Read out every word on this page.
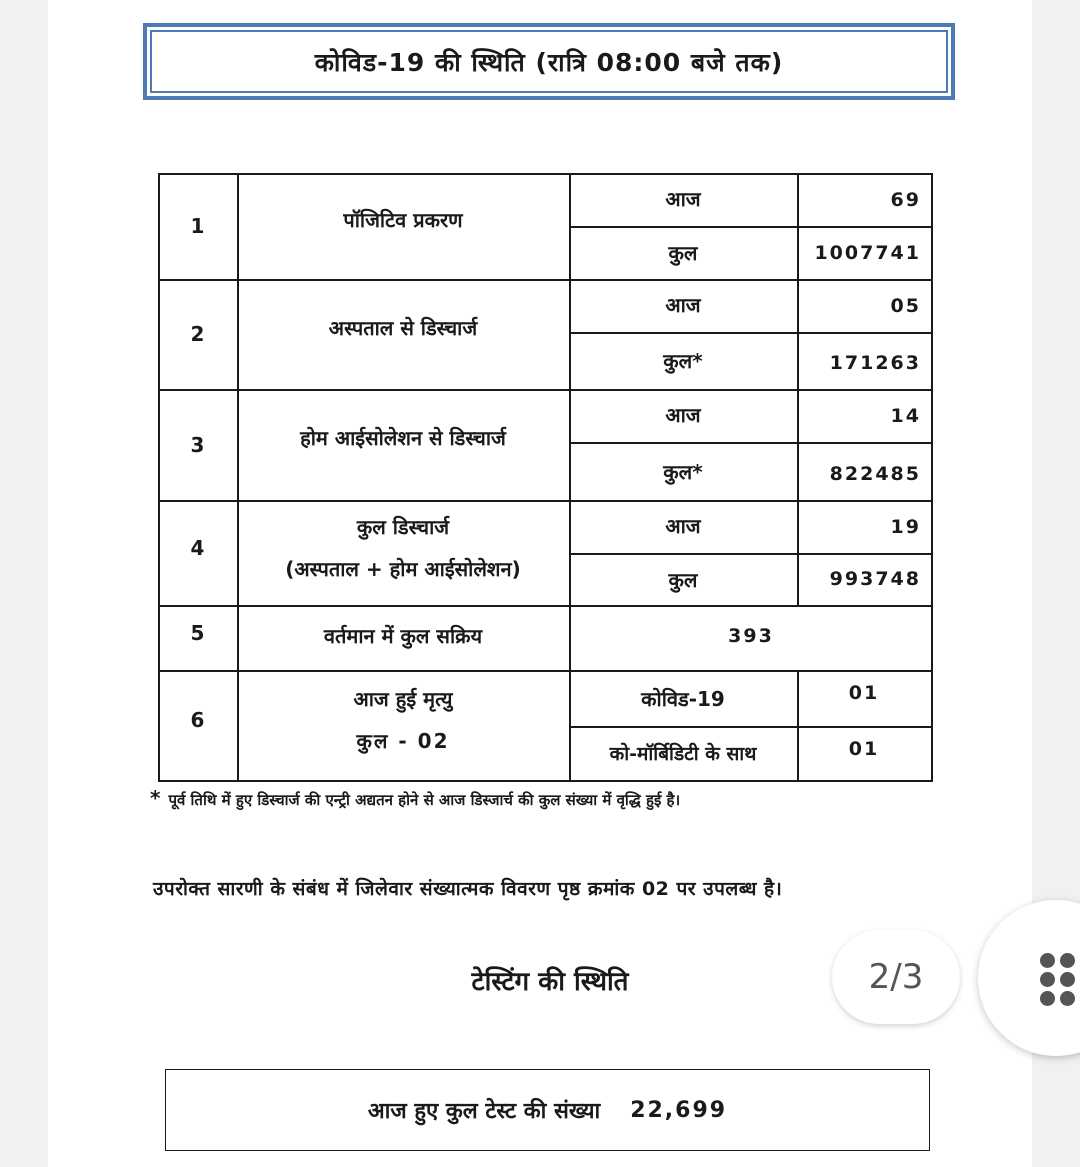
कोविड-19 की स्थिति (रात्रि 08:00 बजे तक)
1	पॉजिटिव प्रकरण
आज	69
कुल	1007741
2	अस्पताल से डिस्चार्ज
आज	05
कुल*	171263
3	होम आईसोलेशन से डिस्चार्ज
आज	14
कुल*	822485
4
कुल डिस्चार्ज
(अस्पताल + होम आईसोलेशन)
आज	19
कुल	993748
5	वर्तमान में कुल सक्रिय	393
6
आज हुई मृत्यु
कुल - 02
कोविड-19	01
को-मॉर्बिडिटी के साथ	01
* पूर्व तिथि में हुए डिस्चार्ज की एन्ट्री अद्यतन होने से आज डिस्जार्च की कुल संख्या में वृद्धि हुई है।
उपरोक्त सारणी के संबंध में जिलेवार संख्यात्मक विवरण पृष्ठ क्रमांक 02 पर उपलब्ध है।
टेस्टिंग की स्थिति
आज हुए कुल टेस्ट की संख्या 22,699
2/3
